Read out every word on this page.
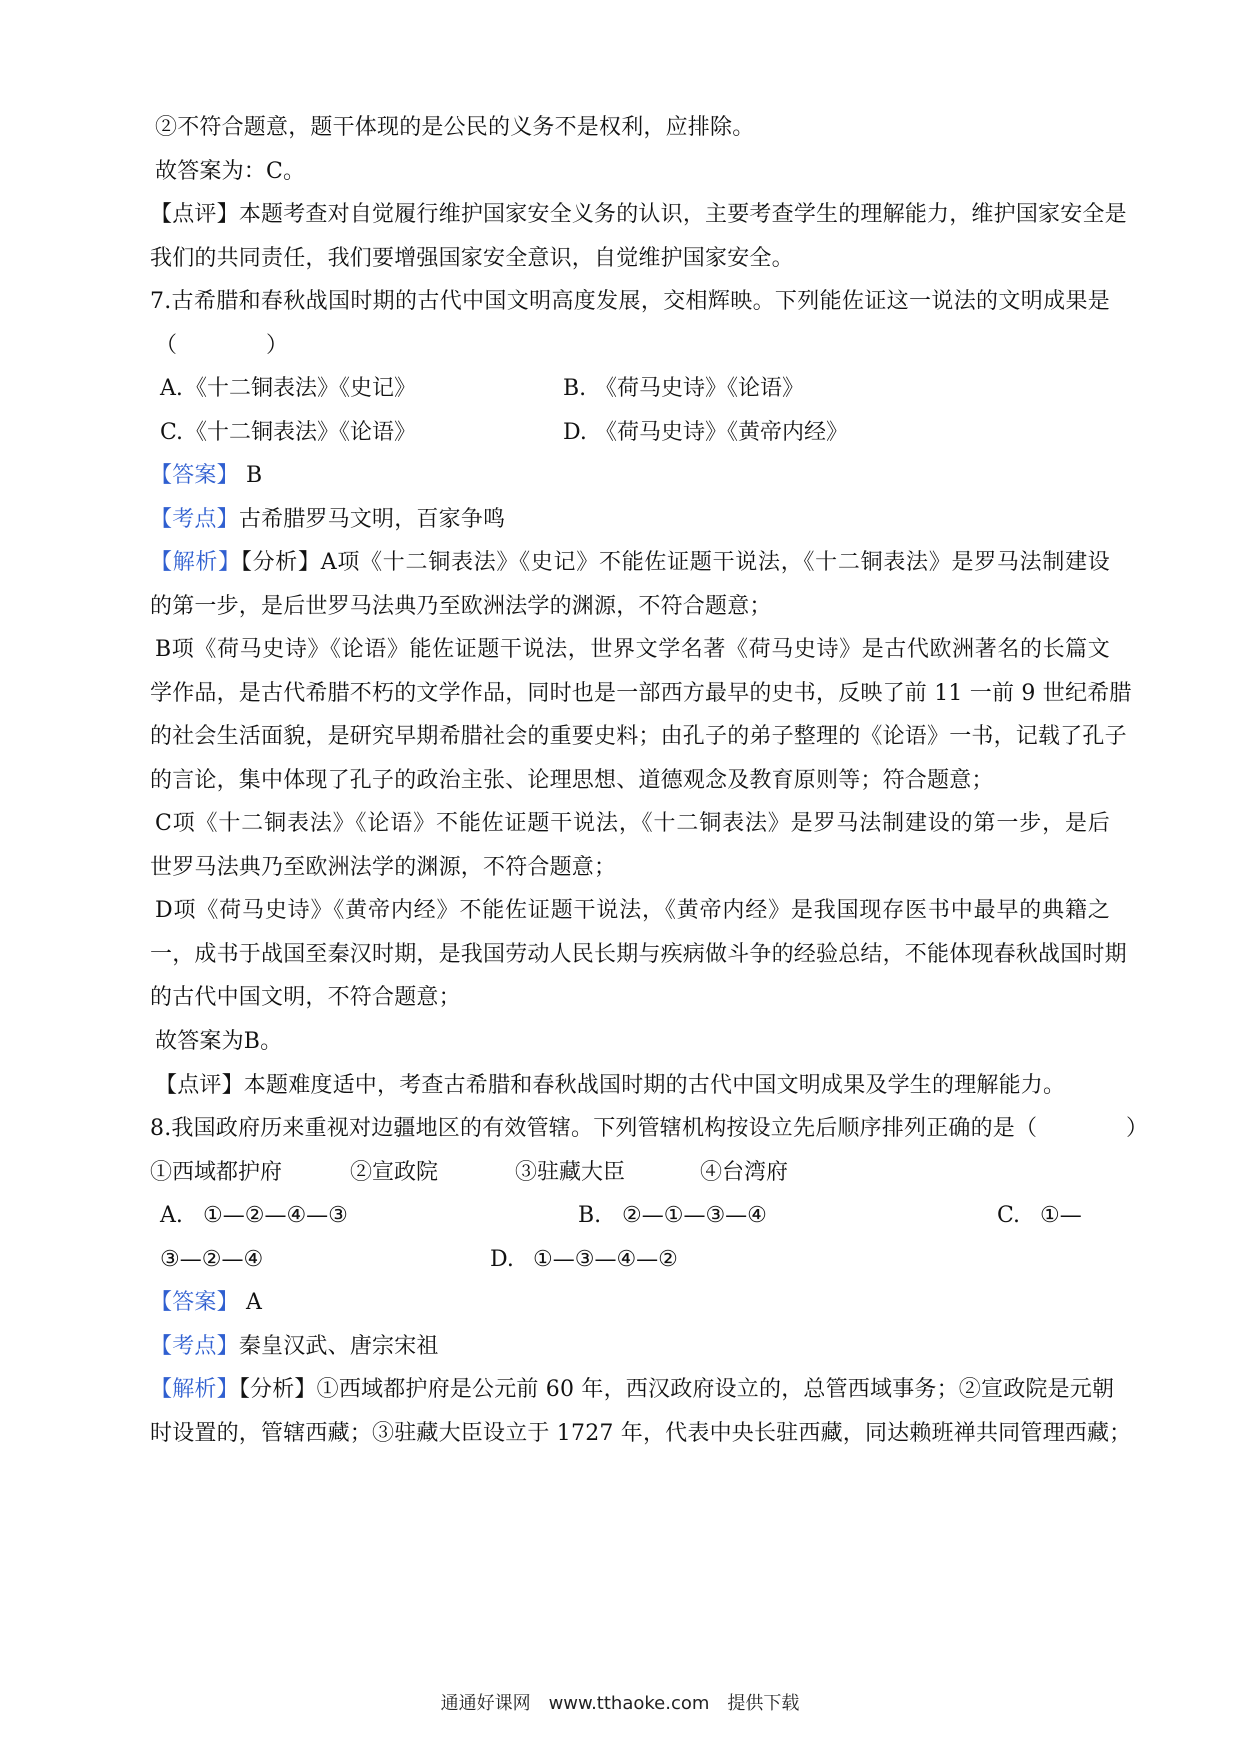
②不符合题意，题干体现的是公民的义务不是权利，应排除。
故答案为：C。
【点评】本题考查对自觉履行维护国家安全义务的认识，主要考查学生的理解能力，维护国家安全是
我们的共同责任，我们要增强国家安全意识，自觉维护国家安全。
7.古希腊和春秋战国时期的古代中国文明高度发展，交相辉映。下列能佐证这一说法的文明成果是
（　　　　）
A. 《十二铜表法》《史记》	B. 《荷马史诗》《论语》
C. 《十二铜表法》《论语》	D. 《荷马史诗》《黄帝内经》
【答案】 B
【考点】古希腊罗马文明，百家争鸣
【解析】【分析】A项《十二铜表法》《史记》不能佐证题干说法，《十二铜表法》是罗马法制建设
的第一步，是后世罗马法典乃至欧洲法学的渊源，不符合题意；
B项《荷马史诗》《论语》能佐证题干说法，世界文学名著《荷马史诗》是古代欧洲著名的长篇文
学作品，是古代希腊不朽的文学作品，同时也是一部西方最早的史书，反映了前 11 一前 9 世纪希腊
的社会生活面貌，是研究早期希腊社会的重要史料；由孔子的弟子整理的《论语》一书，记载了孔子
的言论，集中体现了孔子的政治主张、论理思想、道德观念及教育原则等；符合题意；
C项《十二铜表法》《论语》不能佐证题干说法，《十二铜表法》是罗马法制建设的第一步，是后
世罗马法典乃至欧洲法学的渊源，不符合题意；
D项《荷马史诗》《黄帝内经》不能佐证题干说法，《黄帝内经》是我国现存医书中最早的典籍之
一，成书于战国至秦汉时期，是我国劳动人民长期与疾病做斗争的经验总结，不能体现春秋战国时期
的古代中国文明，不符合题意；
故答案为B。
【点评】本题难度适中，考查古希腊和春秋战国时期的古代中国文明成果及学生的理解能力。
8.我国政府历来重视对边疆地区的有效管辖。下列管辖机构按设立先后顺序排列正确的是（　　　　）
①西域都护府	②宣政院	③驻藏大臣	④台湾府
A. ①—②—④—③	B. ②—①—③—④	C. ①—
③—②—④	D. ①—③—④—②
【答案】 A
【考点】秦皇汉武、唐宗宋祖
【解析】【分析】①西域都护府是公元前 60 年，西汉政府设立的，总管西域事务；②宣政院是元朝
时设置的，管辖西藏；③驻藏大臣设立于 1727 年，代表中央长驻西藏，同达赖班禅共同管理西藏；
通通好课网　www.tthaoke.com　提供下载
